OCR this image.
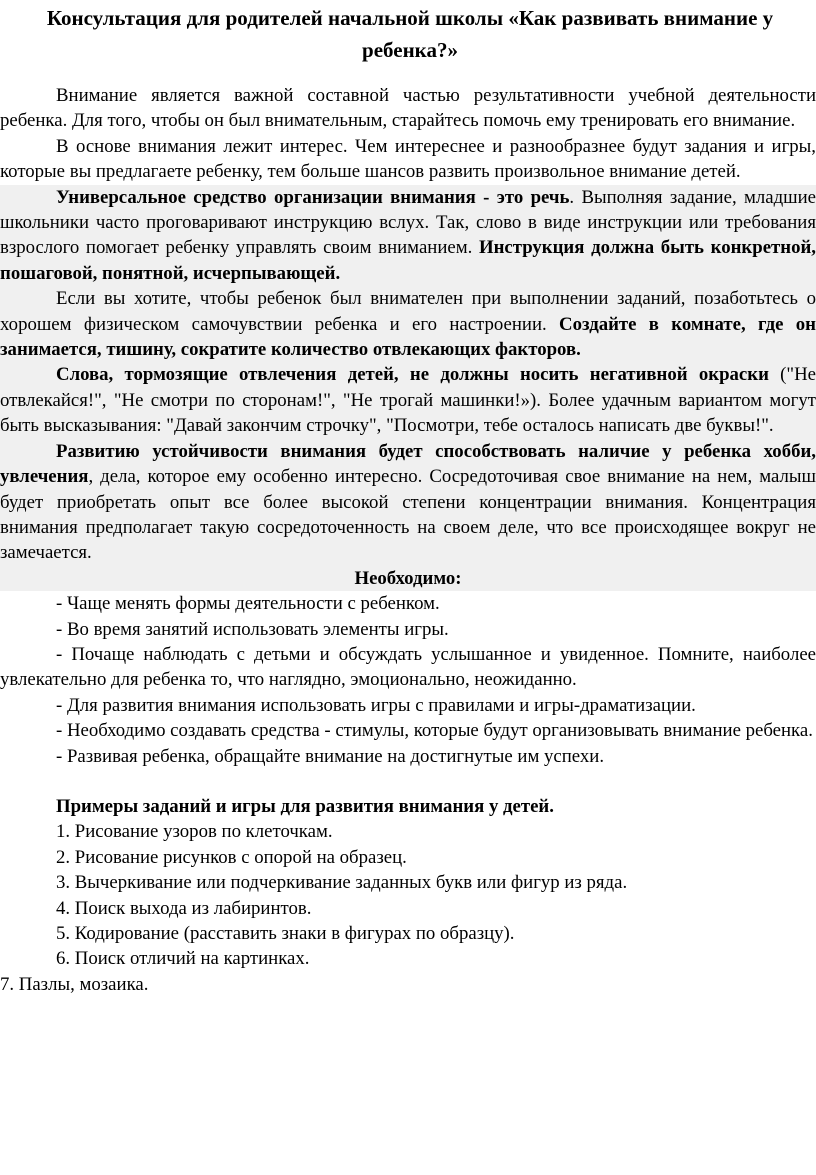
Консультация для родителей начальной школы «Как развивать внимание у ребенка?»

Внимание является важной составной частью результативности учебной деятельности ребенка. Для того, чтобы он был внимательным, старайтесь помочь ему тренировать его внимание.

В основе внимания лежит интерес. Чем интереснее и разнообразнее будут задания и игры, которые вы предлагаете ребенку, тем больше шансов развить произвольное внимание детей.

Универсальное средство организации внимания - это речь. Выполняя задание, младшие школьники часто проговаривают инструкцию вслух. Так, слово в виде инструкции или требования взрослого помогает ребенку управлять своим вниманием. Инструкция должна быть конкретной, пошаговой, понятной, исчерпывающей.

Если вы хотите, чтобы ребенок был внимателен при выполнении заданий, позаботьтесь о хорошем физическом самочувствии ребенка и его настроении. Создайте в комнате, где он занимается, тишину, сократите количество отвлекающих факторов.

Слова, тормозящие отвлечения детей, не должны носить негативной окраски ("Не отвлекайся!", "Не смотри по сторонам!", "Не трогай машинки!»). Более удачным вариантом могут быть высказывания: "Давай закончим строчку", "Посмотри, тебе осталось написать две буквы!".

Развитию устойчивости внимания будет способствовать наличие у ребенка хобби, увлечения, дела, которое ему особенно интересно. Сосредоточивая свое внимание на нем, малыш будет приобретать опыт все более высокой степени концентрации внимания. Концентрация внимания предполагает такую сосредоточенность на своем деле, что все происходящее вокруг не замечается.

Необходимо:

- Чаще менять формы деятельности с ребенком.

- Во время занятий использовать элементы игры.

- Почаще наблюдать с детьми и обсуждать услышанное и увиденное. Помните, наиболее увлекательно для ребенка то, что наглядно, эмоционально, неожиданно.

- Для развития внимания использовать игры с правилами и игры-драматизации.

- Необходимо создавать средства - стимулы, которые будут организовывать внимание ребенка.

- Развивая ребенка, обращайте внимание на достигнутые им успехи.

Примеры заданий и игры для развития внимания у детей.

1. Рисование узоров по клеточкам.

2. Рисование рисунков с опорой на образец.

3. Вычеркивание или подчеркивание заданных букв или фигур из ряда.

4. Поиск выхода из лабиринтов.

5. Кодирование (расставить знаки в фигурах по образцу).

6. Поиск отличий на картинках.

7. Пазлы, мозаика.
